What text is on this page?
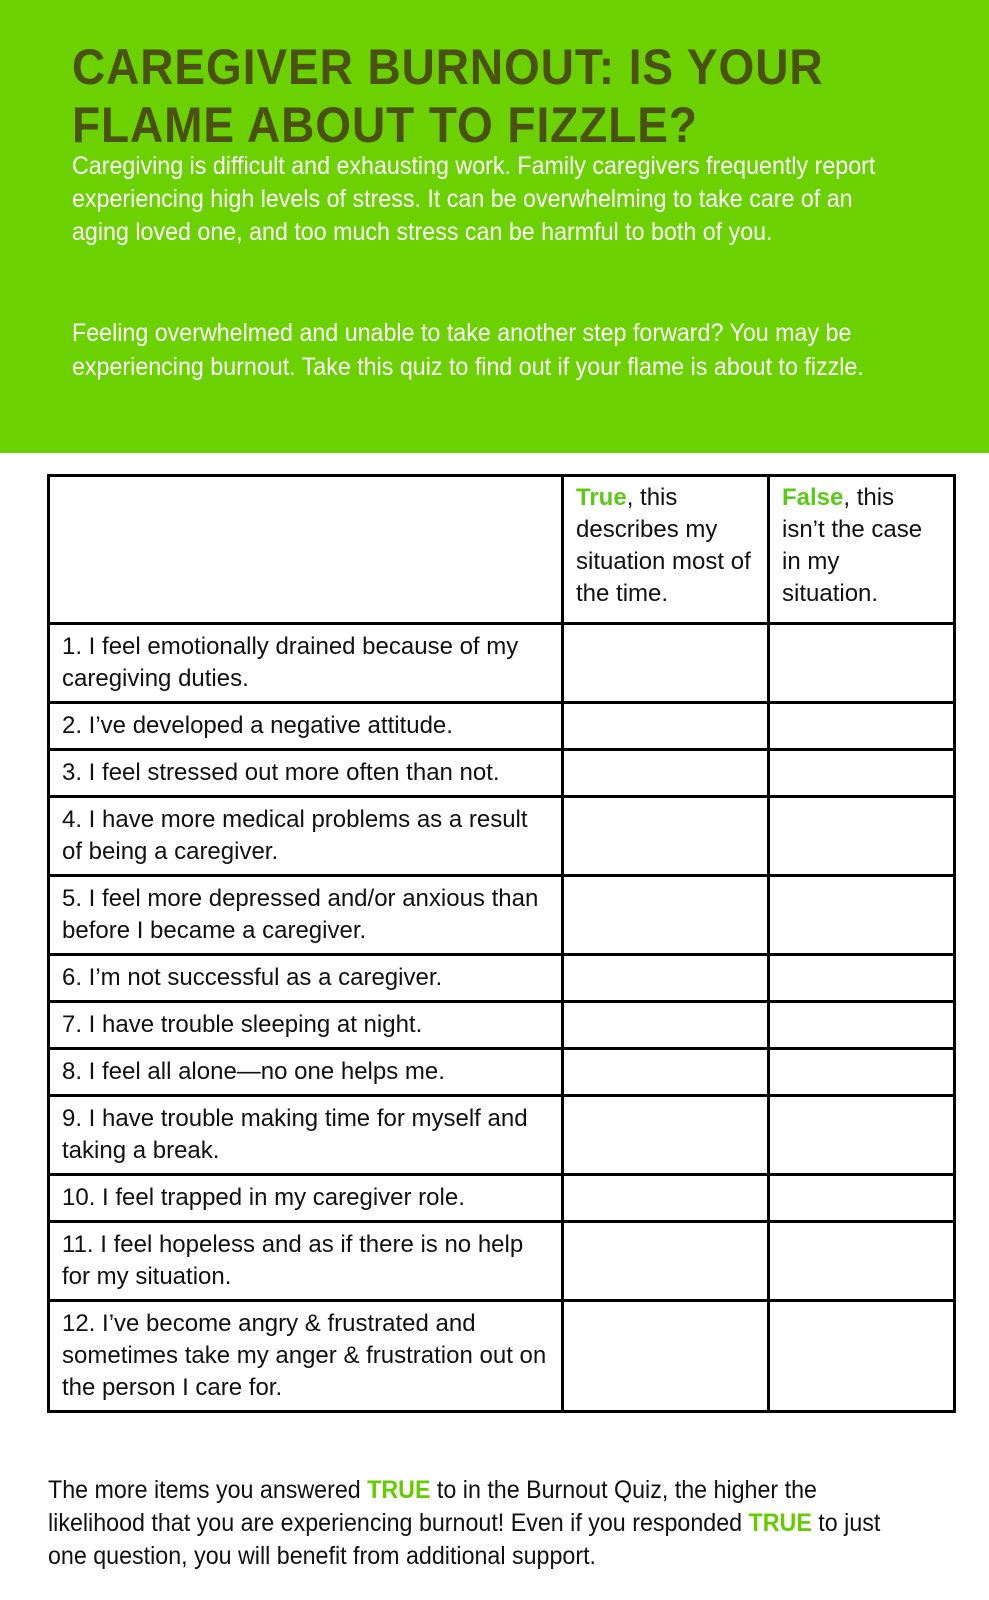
CAREGIVER BURNOUT: IS YOUR
FLAME ABOUT TO FIZZLE?

Caregiving is difficult and exhausting work. Family caregivers frequently report experiencing high levels of stress. It can be overwhelming to take care of an aging loved one, and too much stress can be harmful to both of you.

Feeling overwhelmed and unable to take another step forward? You may be experiencing burnout. Take this quiz to find out if your flame is about to fizzle.

	True, this describes my situation most of the time.	False, this isn’t the case in my situation.
1. I feel emotionally drained because of my caregiving duties.		
2. I’ve developed a negative attitude.		
3. I feel stressed out more often than not.		
4. I have more medical problems as a result of being a caregiver.		
5. I feel more depressed and/or anxious than before I became a caregiver.		
6. I’m not successful as a caregiver.		
7. I have trouble sleeping at night.		
8. I feel all alone—no one helps me.		
9. I have trouble making time for myself and taking a break.		
10. I feel trapped in my caregiver role.		
11. I feel hopeless and as if there is no help for my situation.		
12. I’ve become angry & frustrated and sometimes take my anger & frustration out on the person I care for.		

The more items you answered TRUE to in the Burnout Quiz, the higher the likelihood that you are experiencing burnout! Even if you responded TRUE to just one question, you will benefit from additional support.
